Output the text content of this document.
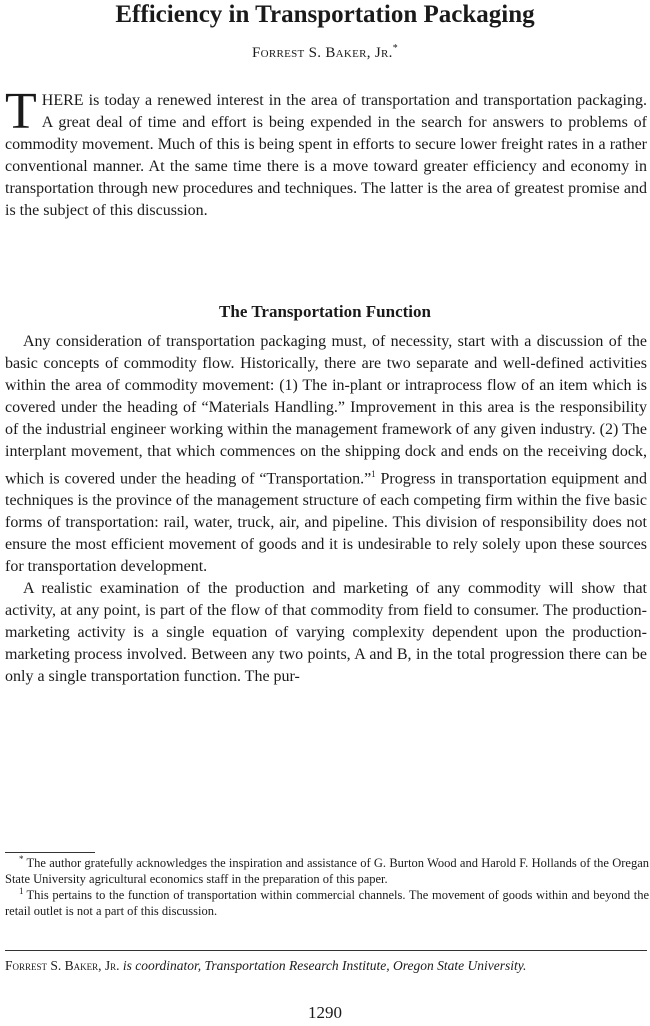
Efficiency in Transportation Packaging
Forrest S. Baker, Jr.*

THERE is today a renewed interest in the area of transportation and transportation packaging. A great deal of time and effort is being expended in the search for answers to problems of commodity movement. Much of this is being spent in efforts to secure lower freight rates in a rather conventional manner. At the same time there is a move toward greater efficiency and economy in transportation through new procedures and techniques. The latter is the area of greatest promise and is the subject of this discussion.

The Transportation Function

Any consideration of transportation packaging must, of necessity, start with a discussion of the basic concepts of commodity flow. Historically, there are two separate and well-defined activities within the area of commodity movement: (1) The in-plant or intraprocess flow of an item which is covered under the heading of “Materials Handling.” Improvement in this area is the responsibility of the industrial engineer working within the management framework of any given industry. (2) The interplant movement, that which commences on the shipping dock and ends on the receiving dock, which is covered under the heading of “Transportation.”$^1$ Progress in transportation equipment and techniques is the province of the management structure of each competing firm within the five basic forms of transportation: rail, water, truck, air, and pipeline. This division of responsibility does not ensure the most efficient movement of goods and it is undesirable to rely solely upon these sources for transportation development.

A realistic examination of the production and marketing of any commodity will show that activity, at any point, is part of the flow of that commodity from field to consumer. The production-marketing activity is a single equation of varying complexity dependent upon the production-marketing process involved. Between any two points, A and B, in the total progression there can be only a single transportation function. The pur-

* The author gratefully acknowledges the inspiration and assistance of G. Burton Wood and Harold F. Hollands of the Oregan State University agricultural economics staff in the preparation of this paper.

$^1$ This pertains to the function of transportation within commercial channels. The movement of goods within and beyond the retail outlet is not a part of this discussion.

Forrest S. Baker, Jr. is coordinator, Transportation Research Institute, Oregon State University.
1290
